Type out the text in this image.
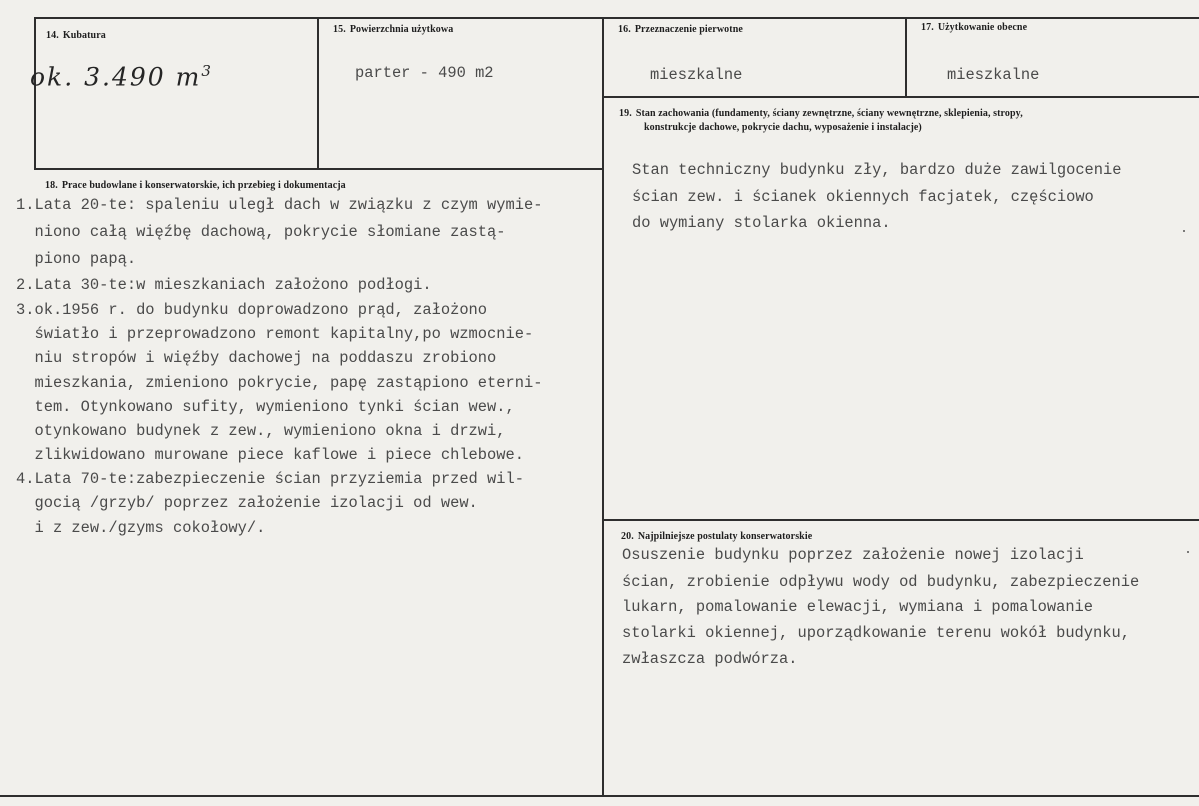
14. Kubatura
ok. 3.490 $m^3$
15. Powierzchnia użytkowa
parter - 490 m2
16. Przeznaczenie pierwotne
mieszkalne
17. Użytkowanie obecne
mieszkalne
19. Stan zachowania (fundamenty, ściany zewnętrzne, ściany wewnętrzne, sklepienia, stropy,
konstrukcje dachowe, pokrycie dachu, wyposażenie i instalacje)
Stan techniczny budynku zły, bardzo duże zawilgocenie
ścian zew. i ścianek okiennych facjatek, częściowo
do wymiany stolarka okienna.
18. Prace budowlane i konserwatorskie, ich przebieg i dokumentacja
1.Lata 20-te: spaleniu uległ dach w związku z czym wymie-
niono całą więźbę dachową, pokrycie słomiane zastą-
piono papą.
2.Lata 30-te:w mieszkaniach założono podłogi.
3.ok.1956 r. do budynku doprowadzono prąd, założono
światło i przeprowadzono remont kapitalny,po wzmocnie-
niu stropów i więźby dachowej na poddaszu zrobiono
mieszkania, zmieniono pokrycie, papę zastąpiono eterni-
tem. Otynkowano sufity, wymieniono tynki ścian wew.,
otynkowano budynek z zew., wymieniono okna i drzwi,
zlikwidowano murowane piece kaflowe i piece chlebowe.
4.Lata 70-te:zabezpieczenie ścian przyziemia przed wil-
gocią /grzyb/ poprzez założenie izolacji od wew.
i z zew./gzyms cokołowy/.	20. Najpilniejsze postulaty konserwatorskie
Osuszenie budynku poprzez założenie nowej izolacji
ścian, zrobienie odpływu wody od budynku, zabezpieczenie
lukarn, pomalowanie elewacji, wymiana i pomalowanie
stolarki okiennej, uporządkowanie terenu wokół budynku,
zwłaszcza podwórza.
